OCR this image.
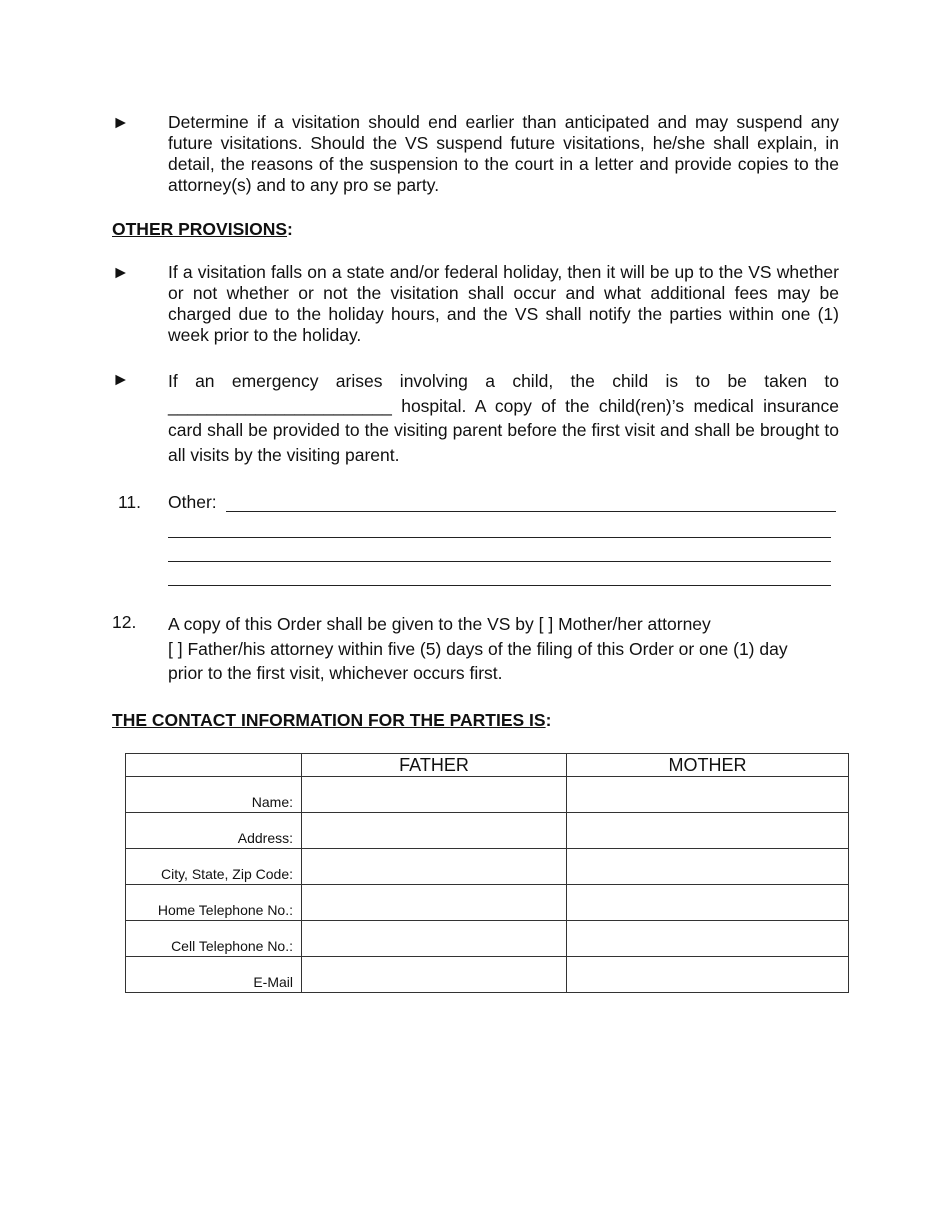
►	Determine if a visitation should end earlier than anticipated and may suspend any future visitations. Should the VS suspend future visitations, he/she shall explain, in detail, the reasons of the suspension to the court in a letter and provide copies to the attorney(s) and to any pro se party.
OTHER PROVISIONS:
►	If a visitation falls on a state and/or federal holiday, then it will be up to the VS whether or not whether or not the visitation shall occur and what additional fees may be charged due to the holiday hours, and the VS shall notify the parties within one (1) week prior to the holiday.
►	If an emergency arises involving a child, the child is to be taken to _______________________ hospital. A copy of the child(ren)’s medical insurance card shall be provided to the visiting parent before the first visit and shall be brought to all visits by the visiting parent.
11.	Other:
12.	A copy of this Order shall be given to the VS by [ ] Mother/her attorney
[ ] Father/his attorney within five (5) days of the filing of this Order or one (1) day
prior to the first visit, whichever occurs first.
THE CONTACT INFORMATION FOR THE PARTIES IS:
	FATHER	MOTHER
Name:		
Address:		
City, State, Zip Code:		
Home Telephone No.:		
Cell Telephone No.:		
E-Mail		
